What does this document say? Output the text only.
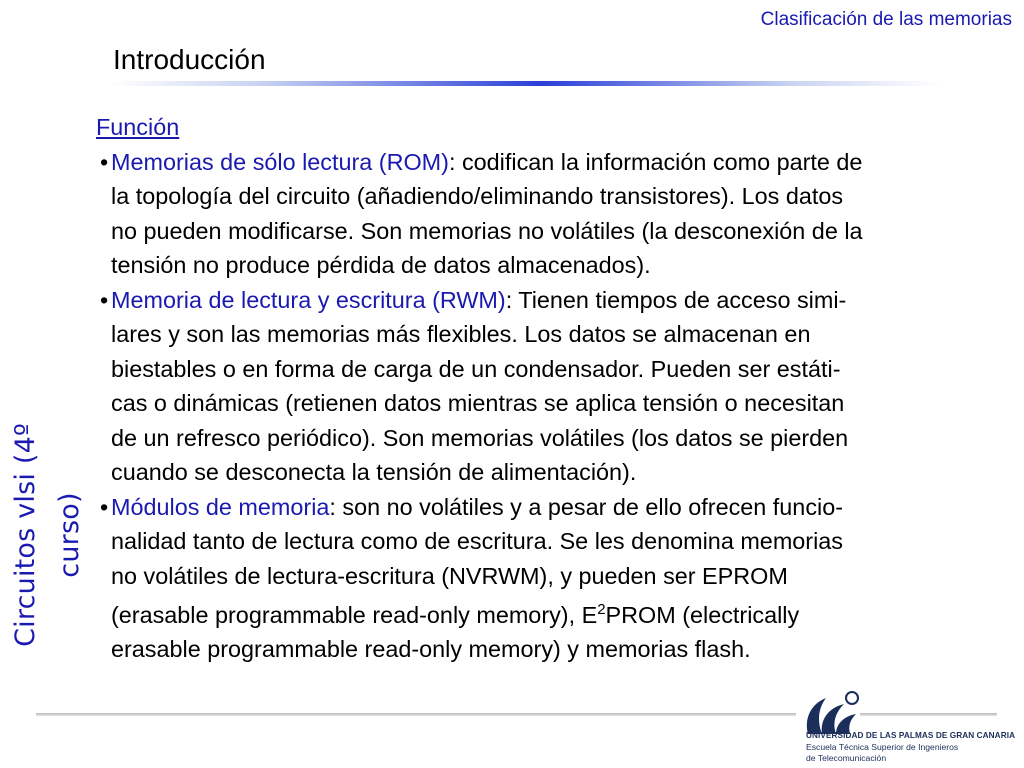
Clasificación de las memorias
Introducción
Circuitos vlsi (4º curso)
Función
• Memorias de sólo lectura (ROM): codifican la información como parte de
la topología del circuito (añadiendo/eliminando transistores). Los datos
no pueden modificarse. Son memorias no volátiles (la desconexión de la
tensión no produce pérdida de datos almacenados).
• Memoria de lectura y escritura (RWM): Tienen tiempos de acceso simi-
lares y son las memorias más flexibles. Los datos se almacenan en
biestables o en forma de carga de un condensador. Pueden ser estáti-
cas o dinámicas (retienen datos mientras se aplica tensión o necesitan
de un refresco periódico). Son memorias volátiles (los datos se pierden
cuando se desconecta la tensión de alimentación).
• Módulos de memoria: son no volátiles y a pesar de ello ofrecen funcio-
nalidad tanto de lectura como de escritura. Se les denomina memorias
no volátiles de lectura-escritura (NVRWM), y pueden ser EPROM
(erasable programmable read-only memory), $E^2PROM$ (electrically
erasable programmable read-only memory) y memorias flash.
UNIVERSIDAD DE LAS PALMAS DE GRAN CANARIA
Escuela Técnica Superior de Ingenieros
de Telecomunicación
